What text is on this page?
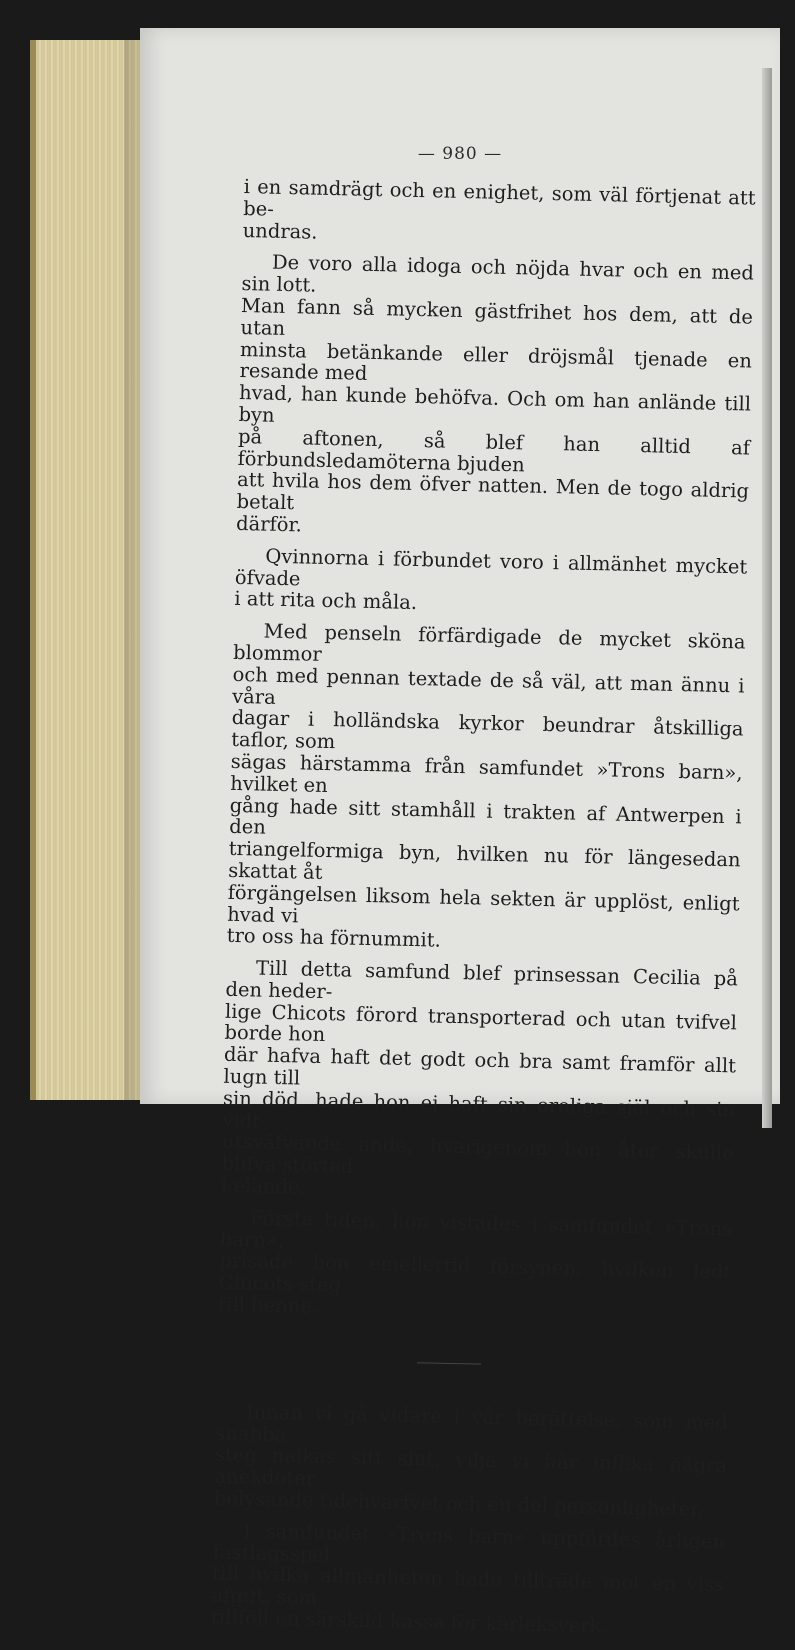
— 980 —
i en samdrägt och en enighet, som väl förtjenat att be-
undras.
De voro alla idoga och nöjda hvar och en med sin lott.
Man fann så mycken gästfrihet hos dem, att de utan
minsta betänkande eller dröjsmål tjenade en resande med
hvad, han kunde behöfva. Och om han anlände till byn
på aftonen, så blef han alltid af förbundsledamöterna bjuden
att hvila hos dem öfver natten. Men de togo aldrig betalt
därför.
Qvinnorna i förbundet voro i allmänhet mycket öfvade
i att rita och måla.
Med penseln förfärdigade de mycket sköna blommor
och med pennan textade de så väl, att man ännu i våra
dagar i holländska kyrkor beundrar åtskilliga taflor, som
sägas härstamma från samfundet »Trons barn», hvilket en
gång hade sitt stamhåll i trakten af Antwerpen i den
triangelformiga byn, hvilken nu för längesedan skattat åt
förgängelsen liksom hela sekten är upplöst, enligt hvad vi
tro oss ha förnummit.
Till detta samfund blef prinsessan Cecilia på den heder-
lige Chicots förord transporterad och utan tvifvel borde hon
där hafva haft det godt och bra samt framför allt lugn till
sin död, hade hon ej haft sin oroliga själ och sin vidt-
utsväfvande ande, hvarigenom hon åter skulle blifva störtad
i elände.
Första tiden, hon vistades i samfundet »Trons barn»,
prisade hon emellertid försynen, hvilken ledt Chicots steg
till henne.
Innan vi gå vidare i vår berättelse, som med snabba
steg nalkas sitt slut, vilja vi här inflika några anekdoter
belysande tidehvarfvet och en del personligheter.
I samfundet »Trons barn» uppfördes årligen fastlagsspel
till hvilka allmänheten hade tillträde mot en viss afgift, som
tillföll en särskild kassa för kärleksverk.
